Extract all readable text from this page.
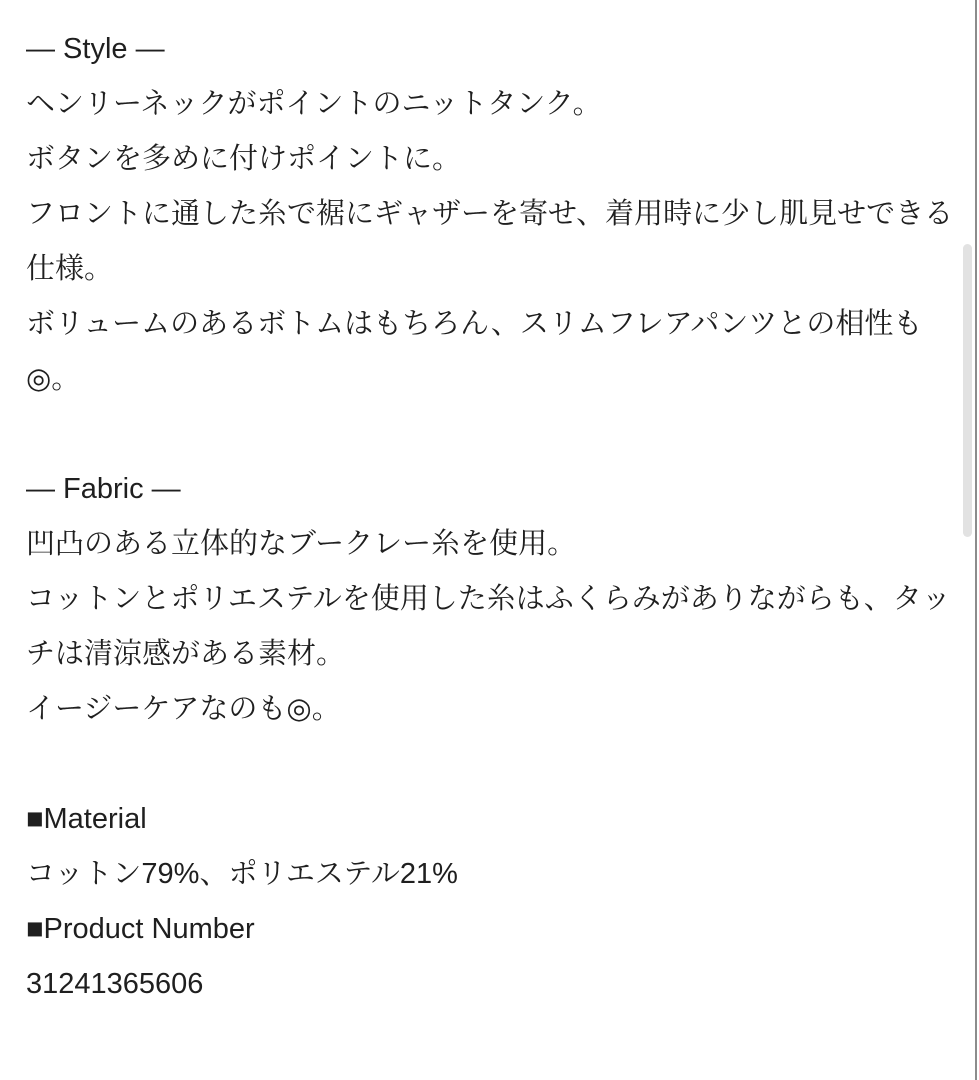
— Style —
ヘンリーネックがポイントのニットタンク。
ボタンを多めに付けポイントに。
フロントに通した糸で裾にギャザーを寄せ、着用時に少し肌見せできる
仕様。
ボリュームのあるボトムはもちろん、スリムフレアパンツとの相性も
◎。
— Fabric —
凹凸のある立体的なブークレー糸を使用。
コットンとポリエステルを使用した糸はふくらみがありながらも、タッ
チは清涼感がある素材。
イージーケアなのも◎。
■Material
コットン79%、ポリエステル21%
■Product Number
31241365606
